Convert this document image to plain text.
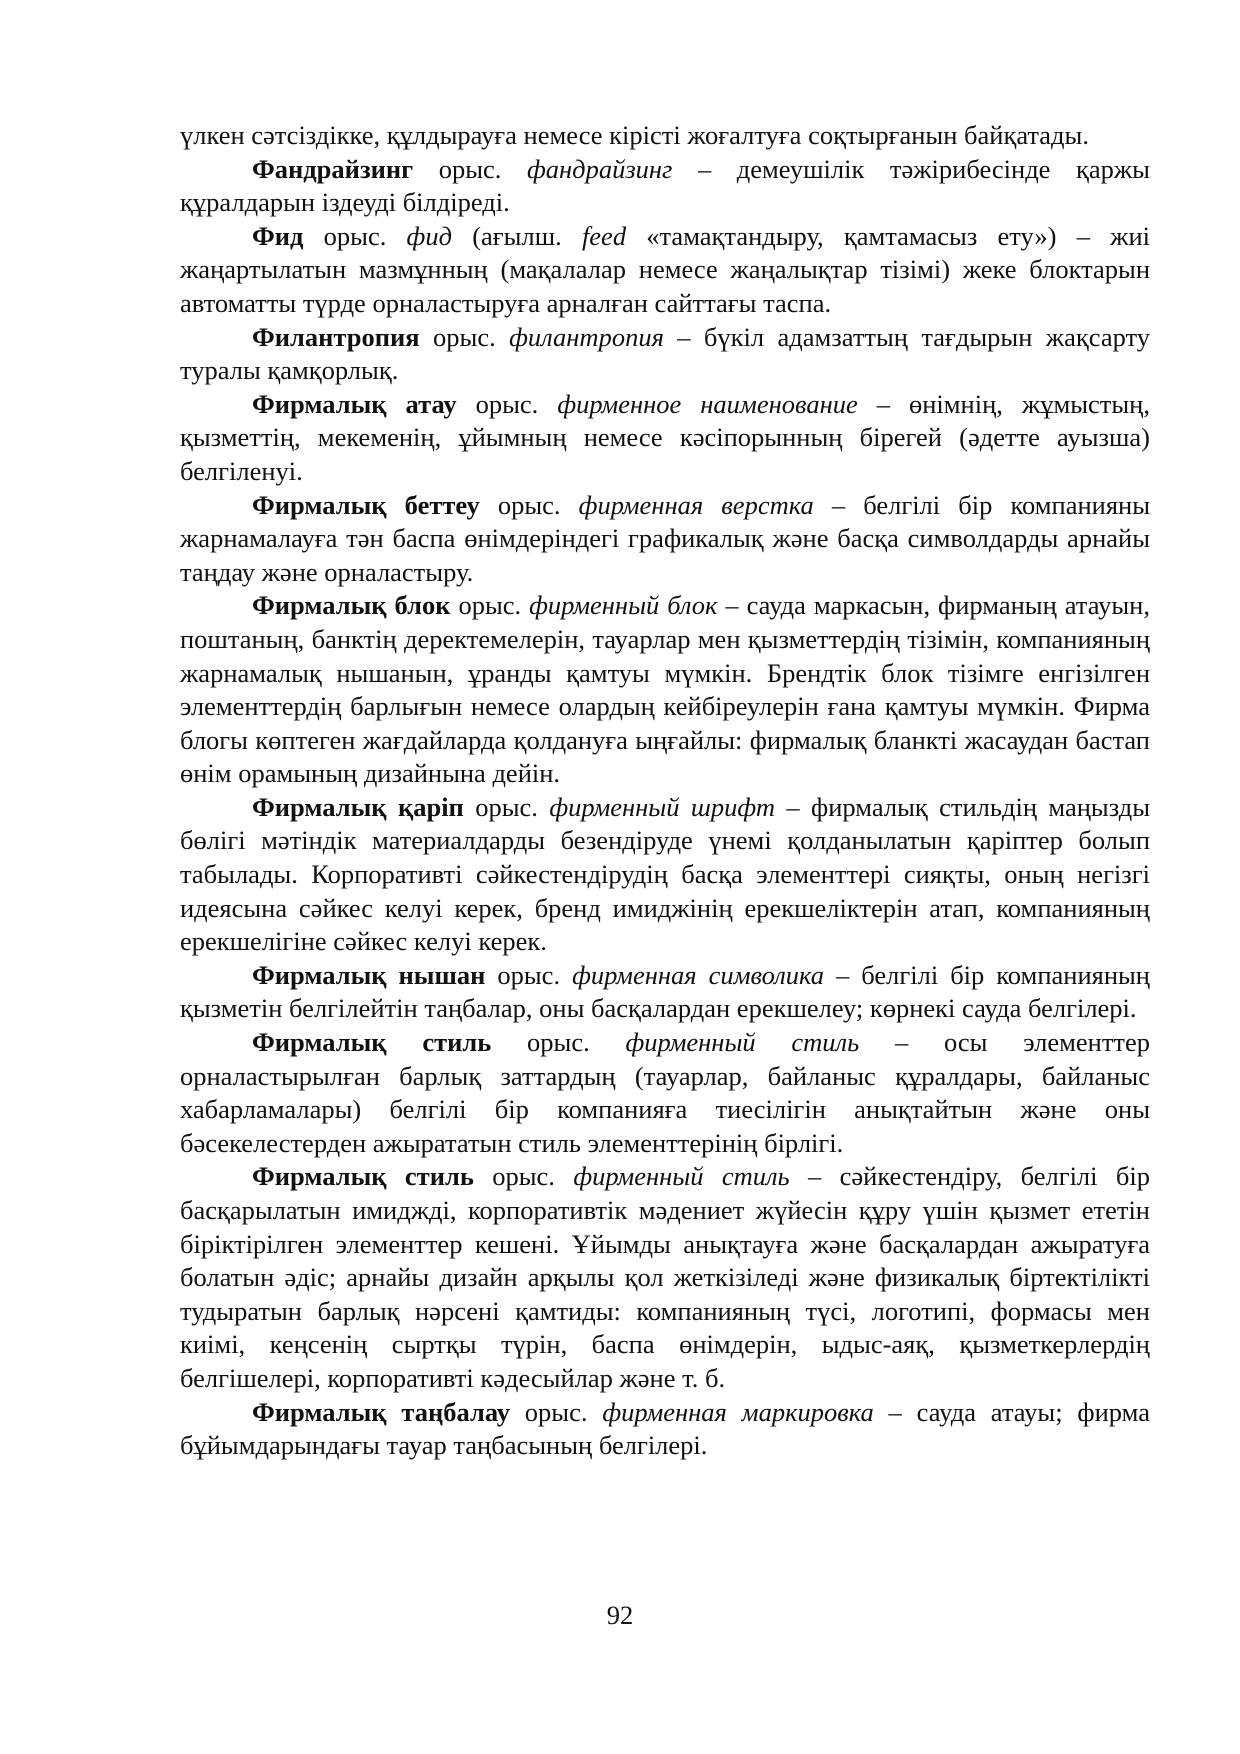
үлкен сәтсіздікке, құлдырауға немесе кірісті жоғалтуға соқтырғанын байқатады.

Фандрайзинг орыс. фандрайзинг – демеушілік тәжірибесінде қаржы құралдарын іздеуді білдіреді.

Фид орыс. фид (ағылш. feed «тамақтандыру, қамтамасыз ету») – жиі жаңартылатын мазмұнның (мақалалар немесе жаңалықтар тізімі) жеке блоктарын автоматты түрде орналастыруға арналған сайттағы таспа.

Филантропия орыс. филантропия – бүкіл адамзаттың тағдырын жақсарту туралы қамқорлық.

Фирмалық атау орыс. фирменное наименование – өнімнің, жұмыстың, қызметтің, мекеменің, ұйымның немесе кәсіпорынның бірегей (әдетте ауызша) белгіленуі.

Фирмалық беттеу орыс. фирменная верстка – белгілі бір компанияны жарнамалауға тән баспа өнімдеріндегі графикалық және басқа символдарды арнайы таңдау және орналастыру.

Фирмалық блок орыс. фирменный блок – сауда маркасын, фирманың атауын, поштаның, банктің деректемелерін, тауарлар мен қызметтердің тізімін, компанияның жарнамалық нышанын, ұранды қамтуы мүмкін. Брендтік блок тізімге енгізілген элементтердің барлығын немесе олардың кейбіреулерін ғана қамтуы мүмкін. Фирма блогы көптеген жағдайларда қолдануға ыңғайлы: фирмалық бланкті жасаудан бастап өнім орамының дизайнына дейін.

Фирмалық қаріп орыс. фирменный шрифт – фирмалық стильдің маңызды бөлігі мәтіндік материалдарды безендіруде үнемі қолданылатын қаріптер болып табылады. Корпоративті сәйкестендірудің басқа элементтері сияқты, оның негізгі идеясына сәйкес келуі керек, бренд имиджінің ерекшеліктерін атап, компанияның ерекшелігіне сәйкес келуі керек.

Фирмалық нышан орыс. фирменная символика – белгілі бір компанияның қызметін белгілейтін таңбалар, оны басқалардан ерекшелеу; көрнекі сауда белгілері.

Фирмалық стиль орыс. фирменный стиль – осы элементтер орналастырылған барлық заттардың (тауарлар, байланыс құралдары, байланыс хабарламалары) белгілі бір компанияға тиесілігін анықтайтын және оны бәсекелестерден ажырататын стиль элементтерінің бірлігі.

Фирмалық стиль орыс. фирменный стиль – сәйкестендіру, белгілі бір басқарылатын имиджді, корпоративтік мәдениет жүйесін құру үшін қызмет ететін біріктірілген элементтер кешені. Ұйымды анықтауға және басқалардан ажыратуға болатын әдіс; арнайы дизайн арқылы қол жеткізіледі және физикалық біртектілікті тудыратын барлық нәрсені қамтиды: компанияның түсі, логотипі, формасы мен киімі, кеңсенің сыртқы түрін, баспа өнімдерін, ыдыс-аяқ, қызметкерлердің белгішелері, корпоративті кәдесыйлар және т. б.

Фирмалық таңбалау орыс. фирменная маркировка – сауда атауы; фирма бұйымдарындағы тауар таңбасының белгілері.

92
